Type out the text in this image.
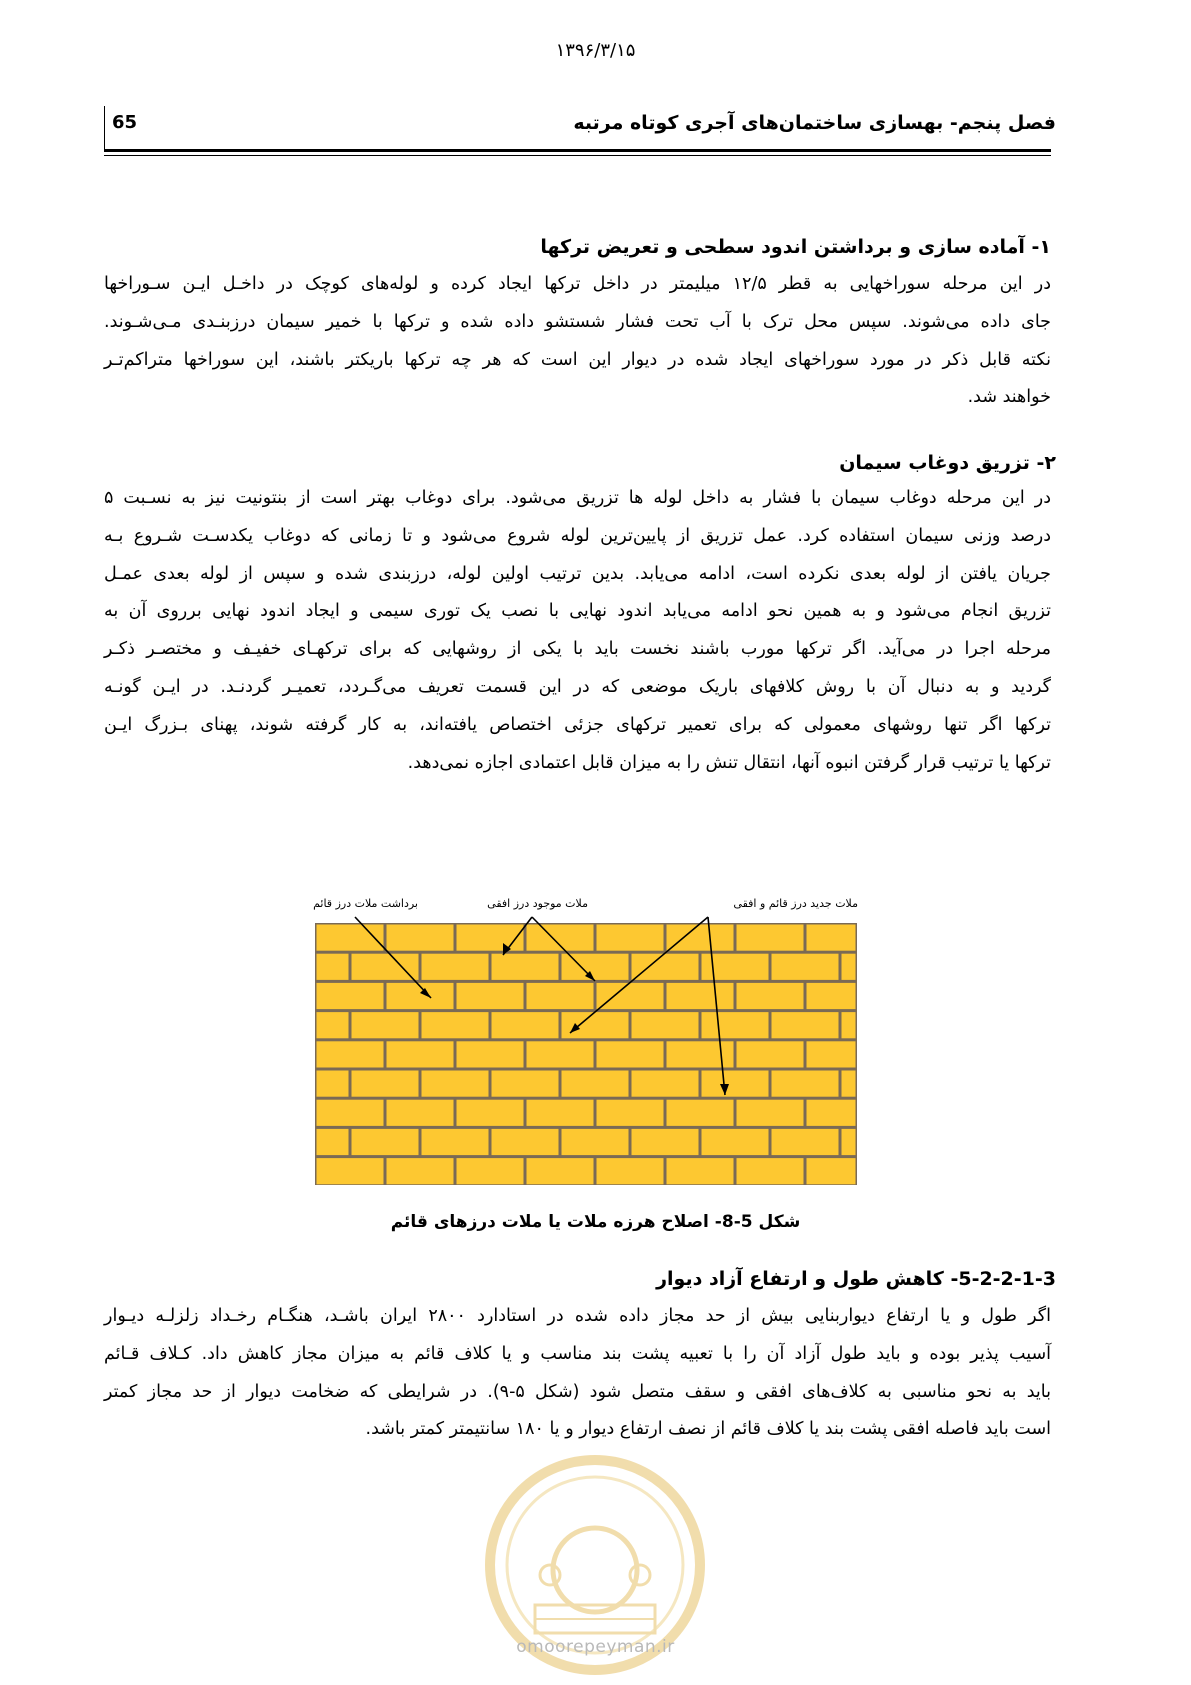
۱۳۹۶/۳/۱۵
65	فصل پنجم- بهسازی ساختمان‌های آجری کوتاه مرتبه
۱- آماده سازی و برداشتن اندود سطحی و تعریض ترکها
در این مرحله سوراخهایی به قطر ۱۲/۵ میلیمتر در داخل ترکها ایجاد کرده و لوله‌های کوچک در داخـل ایـن سـوراخها
جای داده می‌شوند. سپس محل ترک با آب تحت فشار شستشو داده شده و ترکها با خمیر سیمان درزبنـدی مـی‌شـوند.
نکته قابل ذکر در مورد سوراخهای ایجاد شده در دیوار این است که هر چه ترکها باریکتر باشند، این سوراخها متراکم‌تـر
خواهند شد.
۲- تزریق دوغاب سیمان
در این مرحله دوغاب سیمان با فشار به داخل لوله ها تزریق می‌شود. برای دوغاب بهتر است از بنتونیت نیز به نسـبت ۵
درصد وزنی سیمان استفاده کرد. عمل تزریق از پایین‌ترین لوله شروع می‌شود و تا زمانی که دوغاب یکدسـت شـروع بـه
جریان یافتن از لوله بعدی نکرده است، ادامه می‌یابد. بدین ترتیب اولین لوله، درزبندی شده و سپس از لوله بعدی عمـل
تزریق انجام می‌شود و به همین نحو ادامه می‌یابد اندود نهایی با نصب یک توری سیمی و ایجاد اندود نهایی برروی آن به
مرحله اجرا در می‌آید. اگر ترکها مورب باشند نخست باید با یکی از روشهایی که برای ترکهـای خفیـف و مختصـر ذکـر
گردید و به دنبال آن با روش کلافهای باریک موضعی که در این قسمت تعریف می‌گـردد، تعمیـر گردنـد. در ایـن گونـه
ترکها اگر تنها روشهای معمولی که برای تعمیر ترکهای جزئی اختصاص یافته‌اند، به کار گرفته شوند، پهنای بـزرگ ایـن
ترکها یا ترتیب قرار گرفتن انبوه آنها، انتقال تنش را به میزان قابل اعتمادی اجازه نمی‌دهد.
برداشت ملات درز قائم	ملات موجود درز افقی	ملات جدید درز قائم و افقی
شکل 5-8- اصلاح هرزه ملات یا ملات درزهای قائم
5-2-2-1-3- کاهش طول و ارتفاع آزاد دیوار
اگر طول و یا ارتفاع دیواربنایی بیش از حد مجاز داده شده در استادارد ۲۸۰۰ ایران باشـد، هنگـام رخـداد زلزلـه دیـوار
آسیب پذیر بوده و باید طول آزاد آن را با تعبیه پشت بند مناسب و یا کلاف قائم به میزان مجاز کاهش داد. کـلاف قـائم
باید به نحو مناسبی به کلاف‌های افقی و سقف متصل شود (شکل ۵-۹). در شرایطی که ضخامت دیوار از حد مجاز کمتر
است باید فاصله افقی پشت بند یا کلاف قائم از نصف ارتفاع دیوار و یا ۱۸۰ سانتیمتر کمتر باشد.
omoorepeyman.ir
